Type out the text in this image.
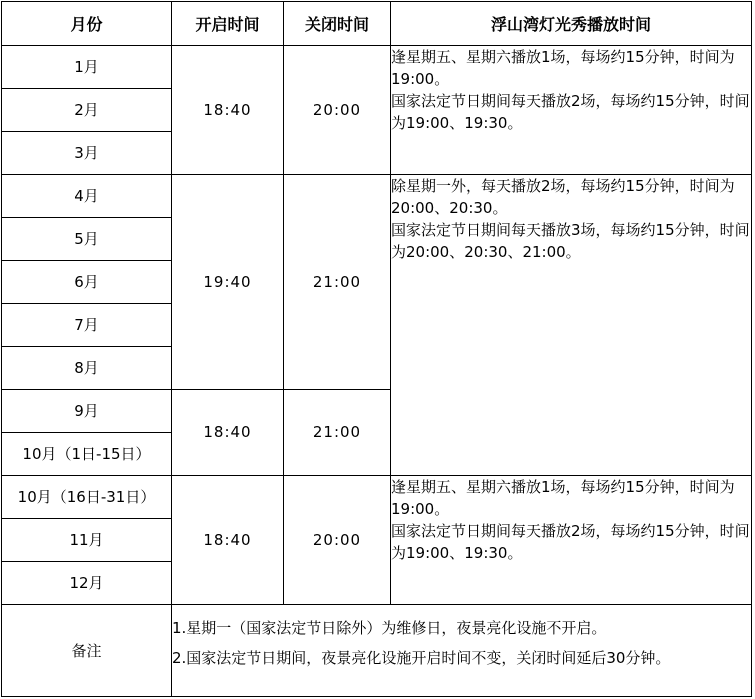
月份	开启时间	关闭时间	浮山湾灯光秀播放时间
1月	18:40	20:00	逢星期五、星期六播放1场，每场约15分钟，时间为19:00。

国家法定节日期间每天播放2场，每场约15分钟，时间为19:00、19:30。

2月			
3月			
4月	19:40	21:00	除星期一外，每天播放2场，每场约15分钟，时间为20:00、20:30。

国家法定节日期间每天播放3场，每场约15分钟，时间为20:00、20:30、21:00。

5月			
6月			
7月			
8月			
9月	18:40	21:00	
10月（1日-15日）			
10月（16日-31日）	18:40	20:00	逢星期五、星期六播放1场，每场约15分钟，时间为19:00。

国家法定节日期间每天播放2场，每场约15分钟，时间为19:00、19:30。

11月			
12月			
备注	1.星期一（国家法定节日除外）为维修日，夜景亮化设施不开启。

2.国家法定节日期间，夜景亮化设施开启时间不变，关闭时间延后30分钟。		
